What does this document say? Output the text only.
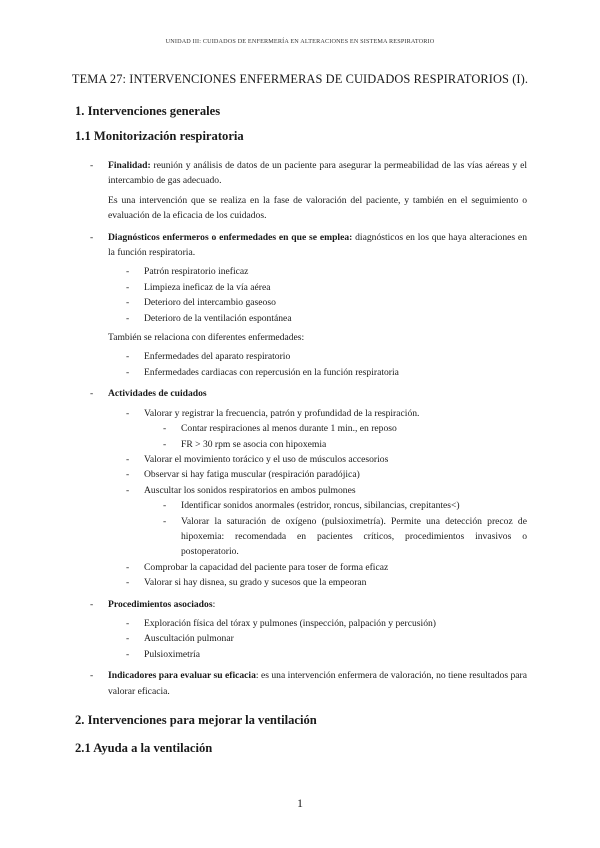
UNIDAD III: CUIDADOS DE ENFERMERÍA EN ALTERACIONES EN SISTEMA RESPIRATORIO
TEMA 27: INTERVENCIONES ENFERMERAS DE CUIDADOS RESPIRATORIOS (I).
1. Intervenciones generales
1.1 Monitorización respiratoria
- Finalidad: reunión y análisis de datos de un paciente para asegurar la permeabilidad de las vías aéreas y el intercambio de gas adecuado.
Es una intervención que se realiza en la fase de valoración del paciente, y también en el seguimiento o evaluación de la eficacia de los cuidados.
- Diagnósticos enfermeros o enfermedades en que se emplea: diagnósticos en los que haya alteraciones en la función respiratoria.
- Patrón respiratorio ineficaz
- Limpieza ineficaz de la vía aérea
- Deterioro del intercambio gaseoso
- Deterioro de la ventilación espontánea
También se relaciona con diferentes enfermedades:
- Enfermedades del aparato respiratorio
- Enfermedades cardiacas con repercusión en la función respiratoria
- Actividades de cuidados
- Valorar y registrar la frecuencia, patrón y profundidad de la respiración.
- Contar respiraciones al menos durante 1 min., en reposo
- FR > 30 rpm se asocia con hipoxemia
- Valorar el movimiento torácico y el uso de músculos accesorios
- Observar si hay fatiga muscular (respiración paradójica)
- Auscultar los sonidos respiratorios en ambos pulmones
- Identificar sonidos anormales (estridor, roncus, sibilancias, crepitantes<)
- Valorar la saturación de oxígeno (pulsioximetría). Permite una detección precoz de hipoxemia: recomendada en pacientes críticos, procedimientos invasivos o postoperatorio.
- Comprobar la capacidad del paciente para toser de forma eficaz
- Valorar si hay disnea, su grado y sucesos que la empeoran
- Procedimientos asociados:
- Exploración física del tórax y pulmones (inspección, palpación y percusión)
- Auscultación pulmonar
- Pulsioximetría
- Indicadores para evaluar su eficacia: es una intervención enfermera de valoración, no tiene resultados para valorar eficacia.
2. Intervenciones para mejorar la ventilación
2.1 Ayuda a la ventilación
1
